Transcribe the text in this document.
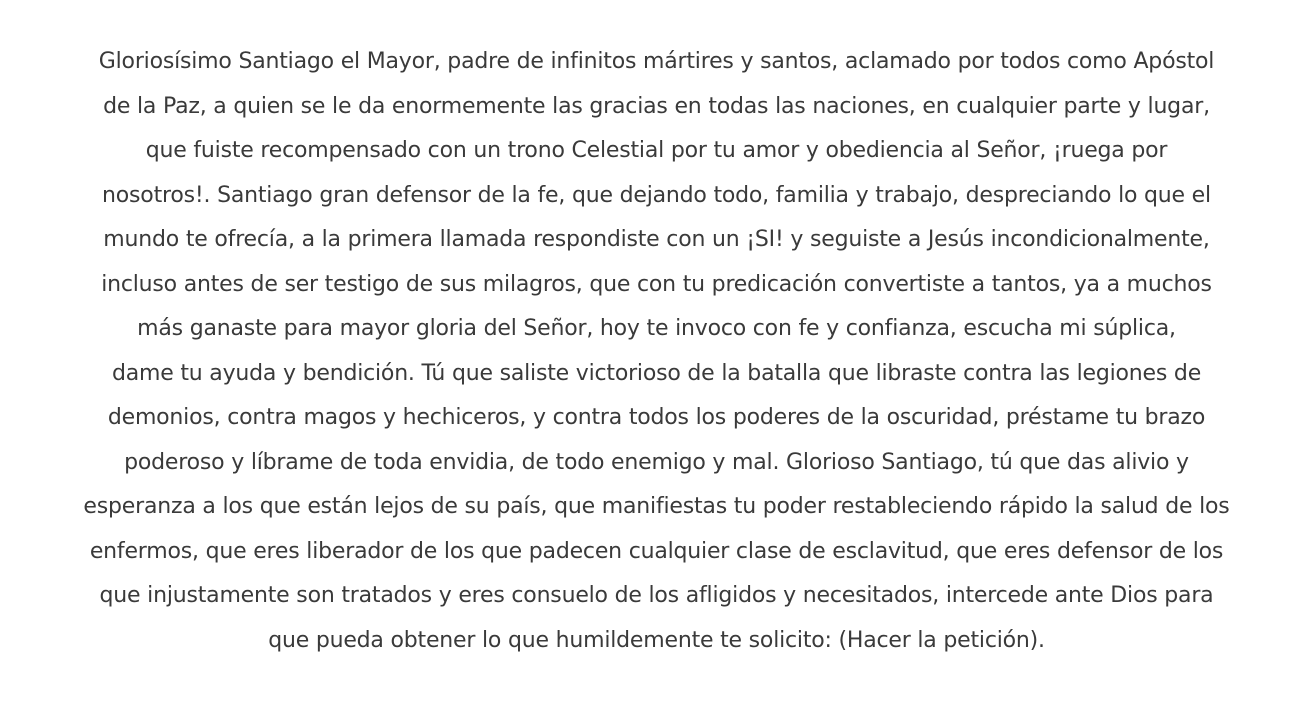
Gloriosísimo Santiago el Mayor, padre de infinitos mártires y santos, aclamado por todos como Apóstol
de la Paz, a quien se le da enormemente las gracias en todas las naciones, en cualquier parte y lugar,
que fuiste recompensado con un trono Celestial por tu amor y obediencia al Señor, ¡ruega por
nosotros!. Santiago gran defensor de la fe, que dejando todo, familia y trabajo, despreciando lo que el
mundo te ofrecía, a la primera llamada respondiste con un ¡SI! y seguiste a Jesús incondicionalmente,
incluso antes de ser testigo de sus milagros, que con tu predicación convertiste a tantos, ya a muchos
más ganaste para mayor gloria del Señor, hoy te invoco con fe y confianza, escucha mi súplica,
dame tu ayuda y bendición. Tú que saliste victorioso de la batalla que libraste contra las legiones de
demonios, contra magos y hechiceros, y contra todos los poderes de la oscuridad, préstame tu brazo
poderoso y líbrame de toda envidia, de todo enemigo y mal. Glorioso Santiago, tú que das alivio y
esperanza a los que están lejos de su país, que manifiestas tu poder restableciendo rápido la salud de los
enfermos, que eres liberador de los que padecen cualquier clase de esclavitud, que eres defensor de los
que injustamente son tratados y eres consuelo de los afligidos y necesitados, intercede ante Dios para
que pueda obtener lo que humildemente te solicito: (Hacer la petición).
